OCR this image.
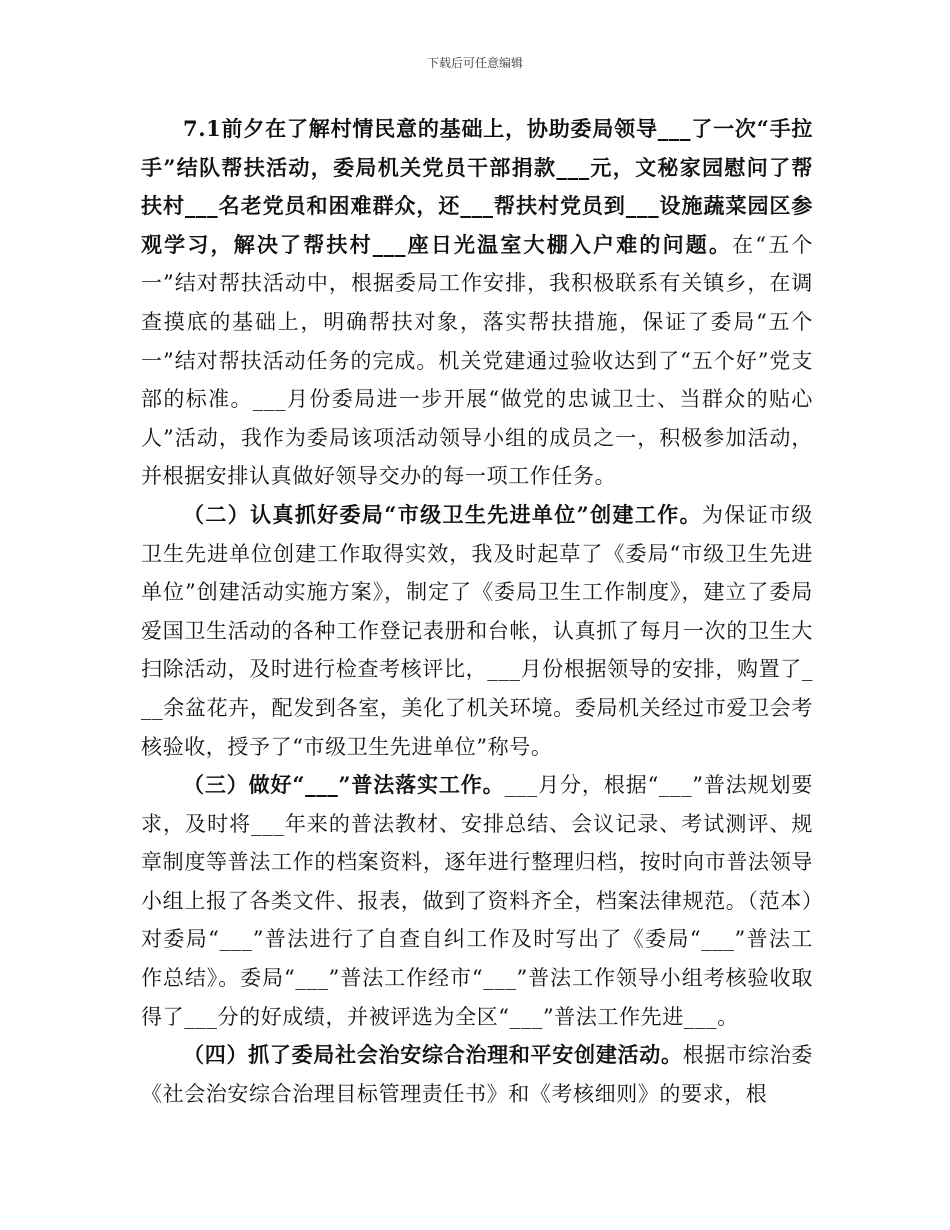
下载后可任意编辑

7.1前夕在了解村情民意的基础上，协助委局领导___了一次“手拉手”结队帮扶活动，委局机关党员干部捐款___元，文秘家园慰问了帮扶村___名老党员和困难群众，还___帮扶村党员到___设施蔬菜园区参观学习，解决了帮扶村___座日光温室大棚入户难的问题。在“五个一”结对帮扶活动中，根据委局工作安排，我积极联系有关镇乡，在调查摸底的基础上，明确帮扶对象，落实帮扶措施，保证了委局“五个一”结对帮扶活动任务的完成。机关党建通过验收达到了“五个好”党支部的标准。___月份委局进一步开展“做党的忠诚卫士、当群众的贴心人”活动，我作为委局该项活动领导小组的成员之一，积极参加活动，并根据安排认真做好领导交办的每一项工作任务。

（二）认真抓好委局“市级卫生先进单位”创建工作。为保证市级卫生先进单位创建工作取得实效，我及时起草了《委局“市级卫生先进单位”创建活动实施方案》，制定了《委局卫生工作制度》，建立了委局爱国卫生活动的各种工作登记表册和台帐，认真抓了每月一次的卫生大扫除活动，及时进行检查考核评比，___月份根据领导的安排，购置了___余盆花卉，配发到各室，美化了机关环境。委局机关经过市爱卫会考核验收，授予了“市级卫生先进单位”称号。

（三）做好“___”普法落实工作。___月分，根据“___”普法规划要求，及时将___年来的普法教材、安排总结、会议记录、考试测评、规章制度等普法工作的档案资料，逐年进行整理归档，按时向市普法领导小组上报了各类文件、报表，做到了资料齐全，档案法律规范。（范本）对委局“___”普法进行了自查自纠工作及时写出了《委局“___”普法工作总结》。委局“___”普法工作经市“___”普法工作领导小组考核验收取得了___分的好成绩，并被评选为全区“___”普法工作先进___。

（四）抓了委局社会治安综合治理和平安创建活动。根据市综治委《社会治安综合治理目标管理责任书》和《考核细则》的要求，根
